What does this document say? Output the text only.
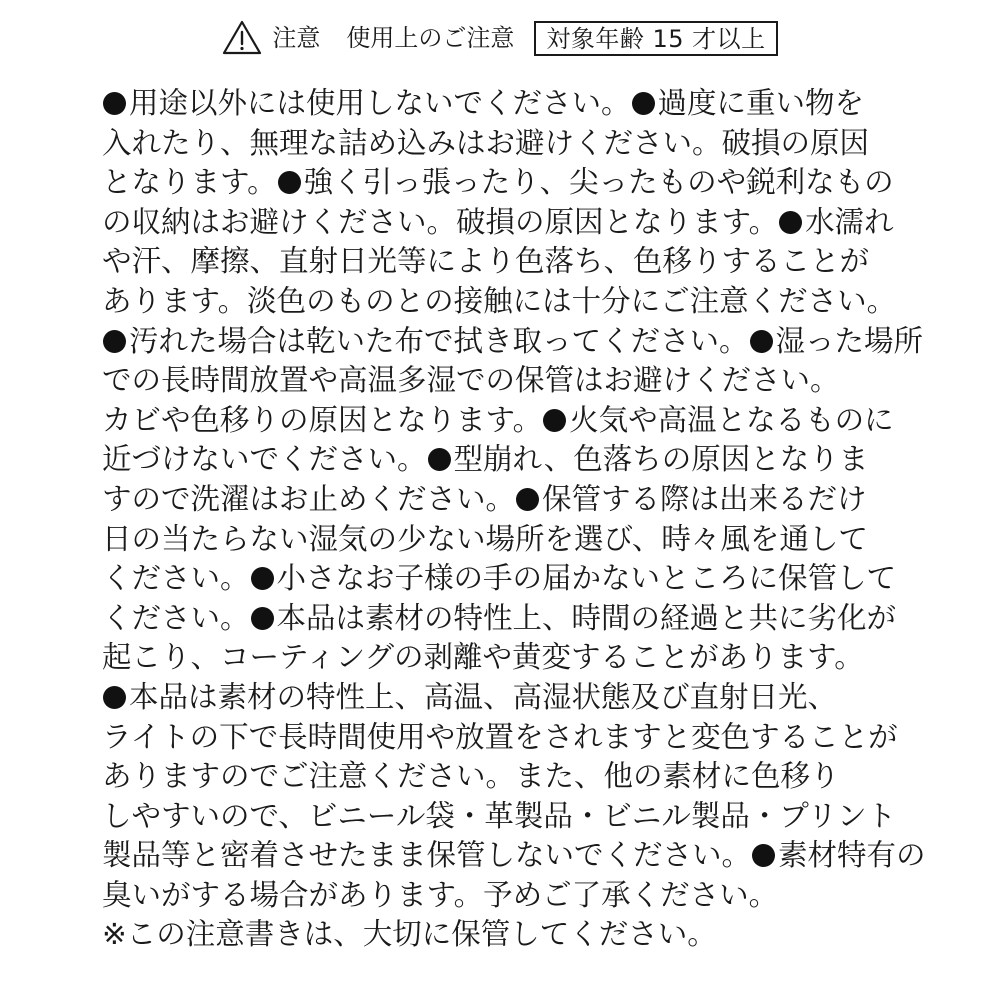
注意 使用上のご注意	対象年齢 15 才以上
用途以外には使用しないでください。 過度に重い物を
入れたり、無理な詰め込みはお避けください。破損の原因
となります。 強く引っ張ったり、尖ったものや鋭利なもの
の収納はお避けください。破損の原因となります。 水濡れ
や汗、摩擦、直射日光等により色落ち、色移りすることが
あります。淡色のものとの接触には十分にご注意ください。
汚れた場合は乾いた布で拭き取ってください。 湿った場所
での長時間放置や高温多湿での保管はお避けください。
カビや色移りの原因となります。 火気や高温となるものに
近づけないでください。 型崩れ、色落ちの原因となりま
すので洗濯はお止めください。 保管する際は出来るだけ
日の当たらない湿気の少ない場所を選び、時々風を通して
ください。 小さなお子様の手の届かないところに保管して
ください。 本品は素材の特性上、時間の経過と共に劣化が
起こり、コーティングの剥離や黄変することがあります。
本品は素材の特性上、高温、高湿状態及び直射日光、
ライトの下で長時間使用や放置をされますと変色することが
ありますのでご注意ください。また、他の素材に色移り
しやすいので、ビニール袋・革製品・ビニル製品・プリント
製品等と密着させたまま保管しないでください。 素材特有の
臭いがする場合があります。予めご了承ください。
※この注意書きは、大切に保管してください。
